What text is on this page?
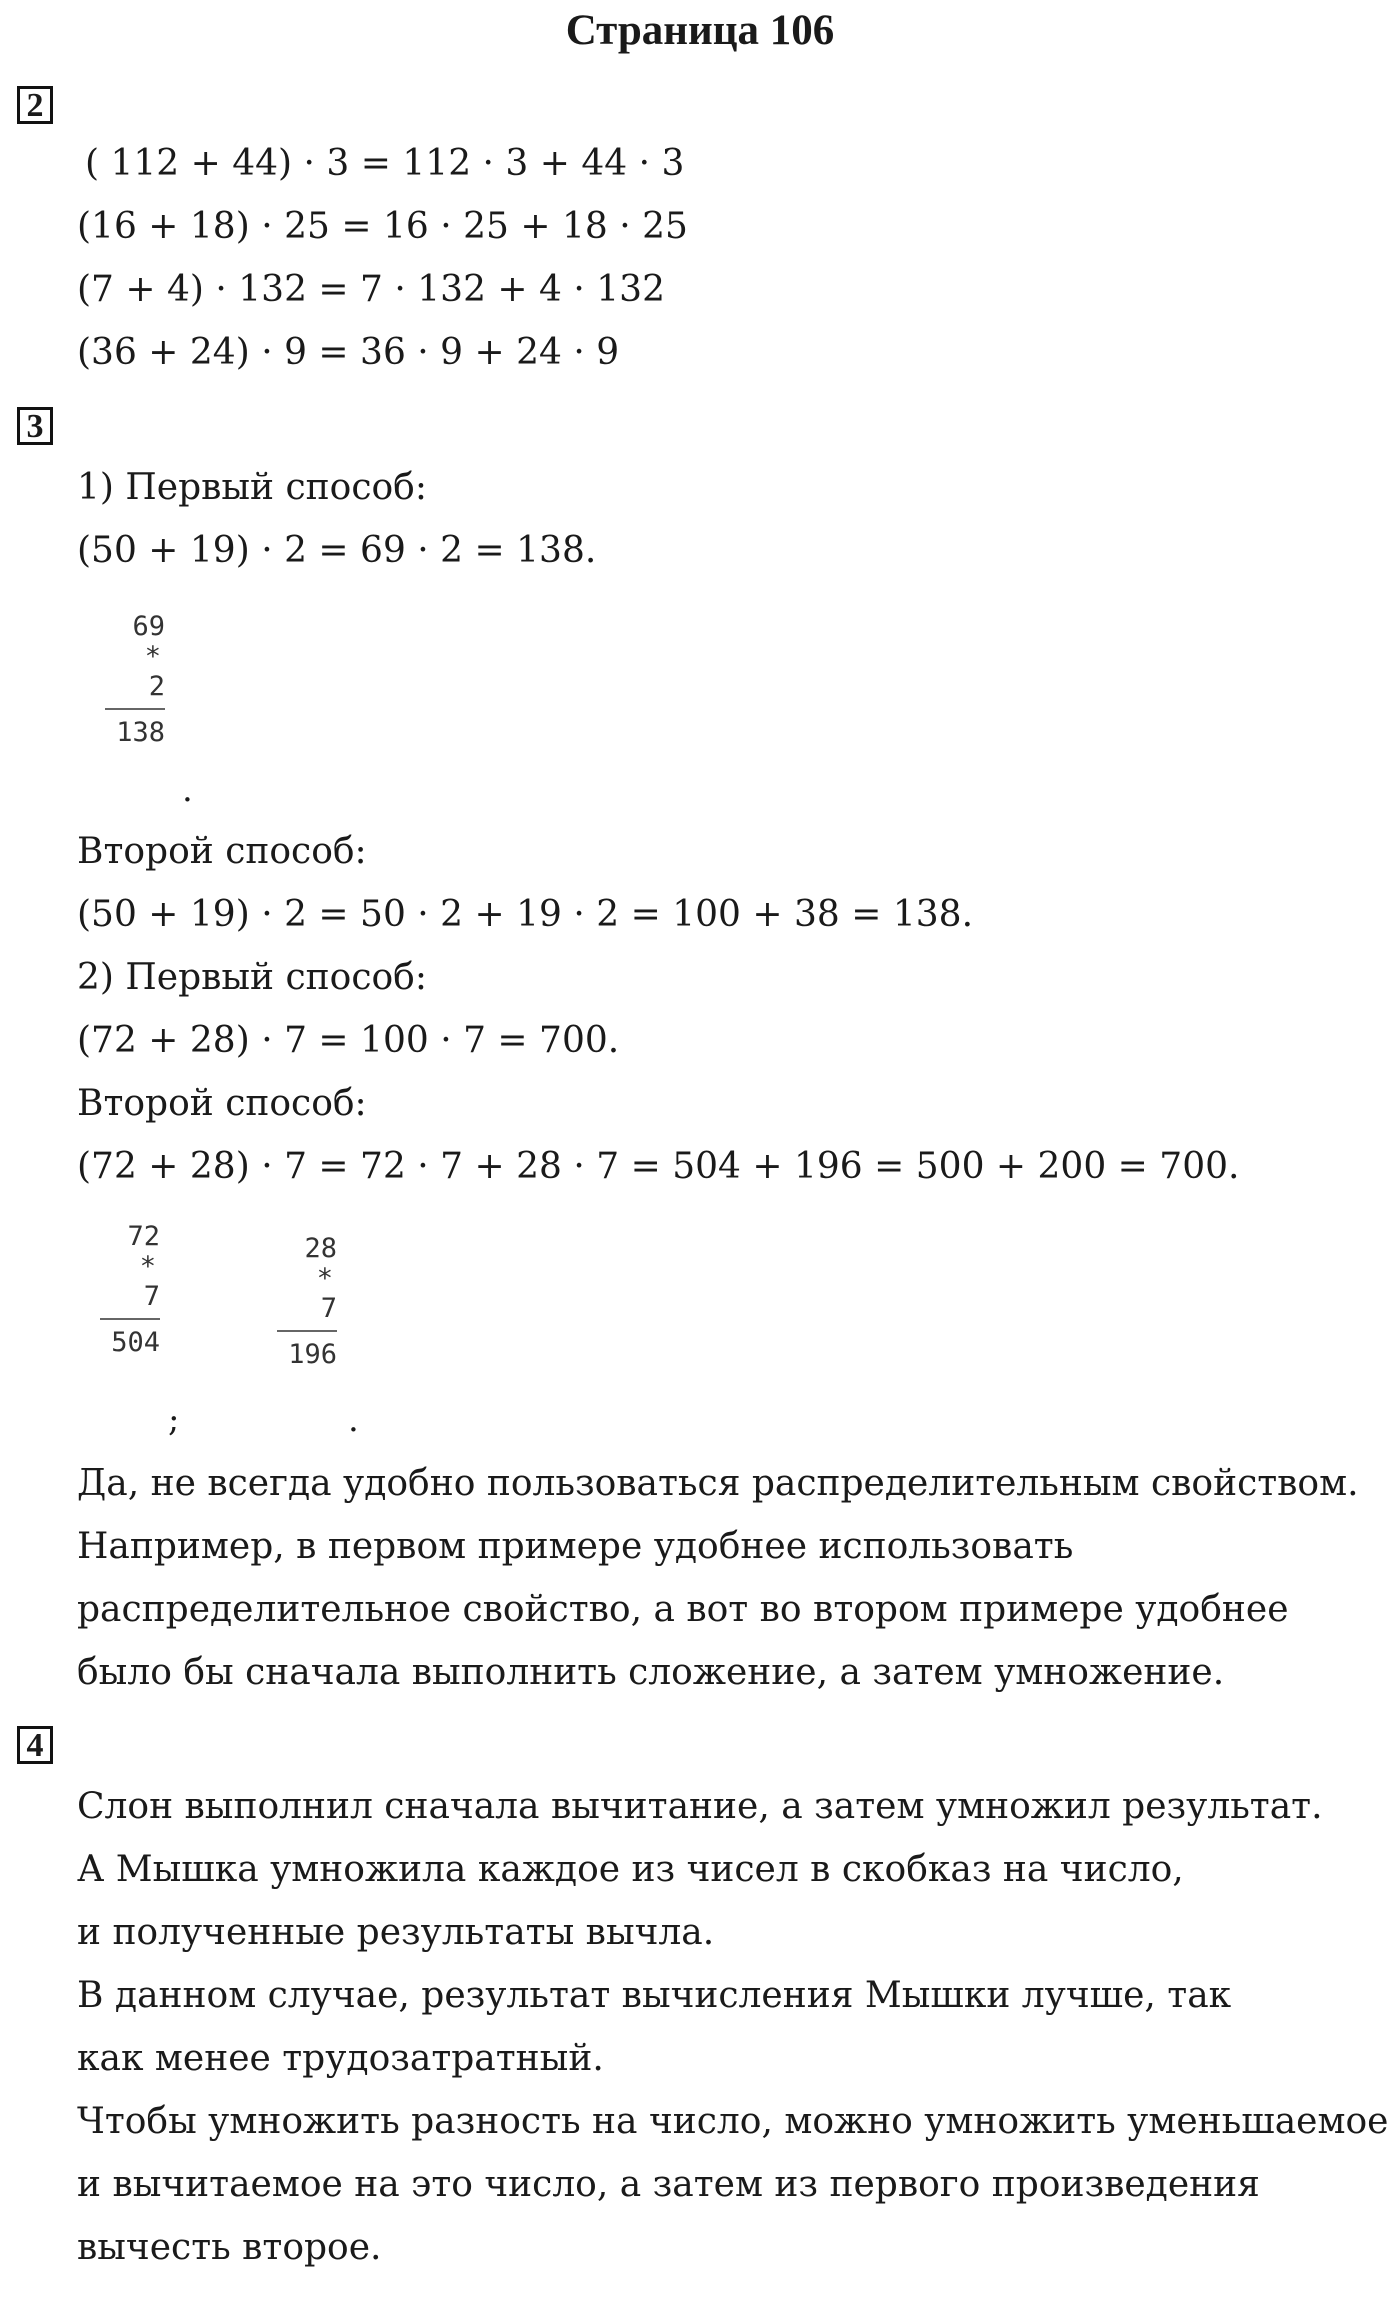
Страница 106
2
( 112 + 44) · 3 = 112 · 3 + 44 · 3
(16 + 18) · 25 = 16 · 25 + 18 · 25
(7 + 4) · 132 = 7 · 132 + 4 · 132
(36 + 24) · 9 = 36 · 9 + 24 · 9
3
1) Первый способ:
(50 + 19) · 2 = 69 · 2 = 138.
69
*
2
138
.
Второй способ:
(50 + 19) · 2 = 50 · 2 + 19 · 2 = 100 + 38 = 138.
2) Первый способ:
(72 + 28) · 7 = 100 · 7 = 700.
Второй способ:
(72 + 28) · 7 = 72 · 7 + 28 · 7 = 504 + 196 = 500 + 200 = 700.
72
*
7
504
;
28
*
7
196
.
Да, не всегда удобно пользоваться распределительным свойством.
Например, в первом примере удобнее использовать
распределительное свойство, а вот во втором примере удобнее
было бы сначала выполнить сложение, а затем умножение.
4
Слон выполнил сначала вычитание, а затем умножил результат.
А Мышка умножила каждое из чисел в скобказ на число,
и полученные результаты вычла.
В данном случае, результат вычисления Мышки лучше, так
как менее трудозатратный.
Чтобы умножить разность на число, можно умножить уменьшаемое
и вычитаемое на это число, а затем из первого произведения
вычесть второе.
